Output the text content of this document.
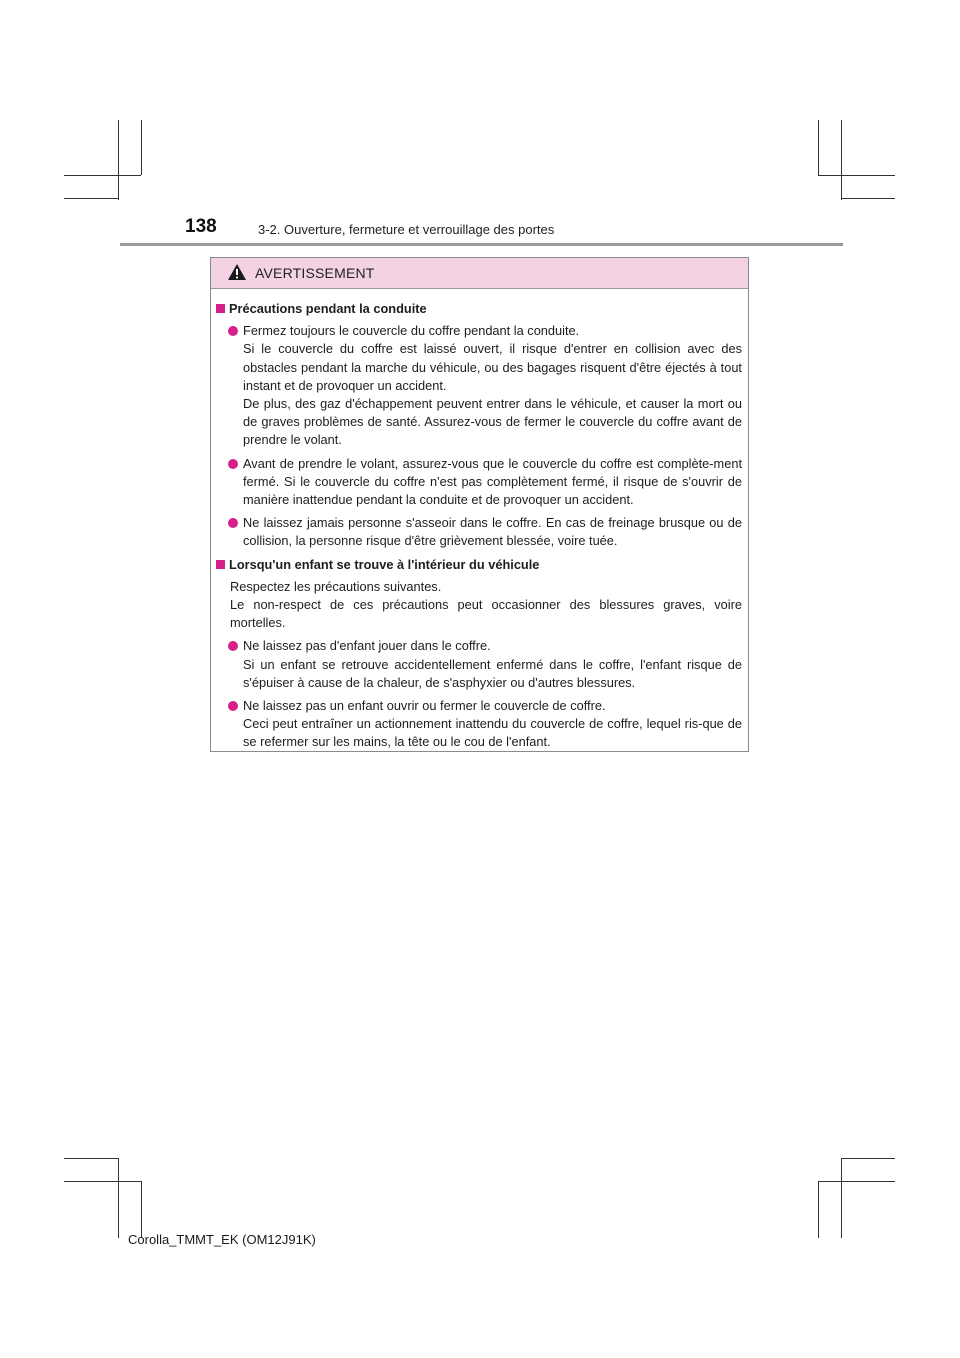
138	3-2. Ouverture, fermeture et verrouillage des portes
AVERTISSEMENT
Précautions pendant la conduite

Fermez toujours le couvercle du coffre pendant la conduite.

Si le couvercle du coffre est laissé ouvert, il risque d'entrer en collision avec des obstacles pendant la marche du véhicule, ou des bagages risquent d'être éjectés à tout instant et de provoquer un accident.

De plus, des gaz d'échappement peuvent entrer dans le véhicule, et causer la mort ou de graves problèmes de santé. Assurez-vous de fermer le couvercle du coffre avant de prendre le volant.

Avant de prendre le volant, assurez-vous que le couvercle du coffre est complète-ment fermé. Si le couvercle du coffre n'est pas complètement fermé, il risque de s'ouvrir de manière inattendue pendant la conduite et de provoquer un accident.

Ne laissez jamais personne s'asseoir dans le coffre. En cas de freinage brusque ou de collision, la personne risque d'être grièvement blessée, voire tuée.

Lorsqu'un enfant se trouve à l'intérieur du véhicule

Respectez les précautions suivantes.

Le non-respect de ces précautions peut occasionner des blessures graves, voire mortelles.

Ne laissez pas d'enfant jouer dans le coffre.

Si un enfant se retrouve accidentellement enfermé dans le coffre, l'enfant risque de s'épuiser à cause de la chaleur, de s'asphyxier ou d'autres blessures.

Ne laissez pas un enfant ouvrir ou fermer le couvercle de coffre.

Ceci peut entraîner un actionnement inattendu du couvercle de coffre, lequel ris-que de se refermer sur les mains, la tête ou le cou de l'enfant.

Corolla_TMMT_EK (OM12J91K)
